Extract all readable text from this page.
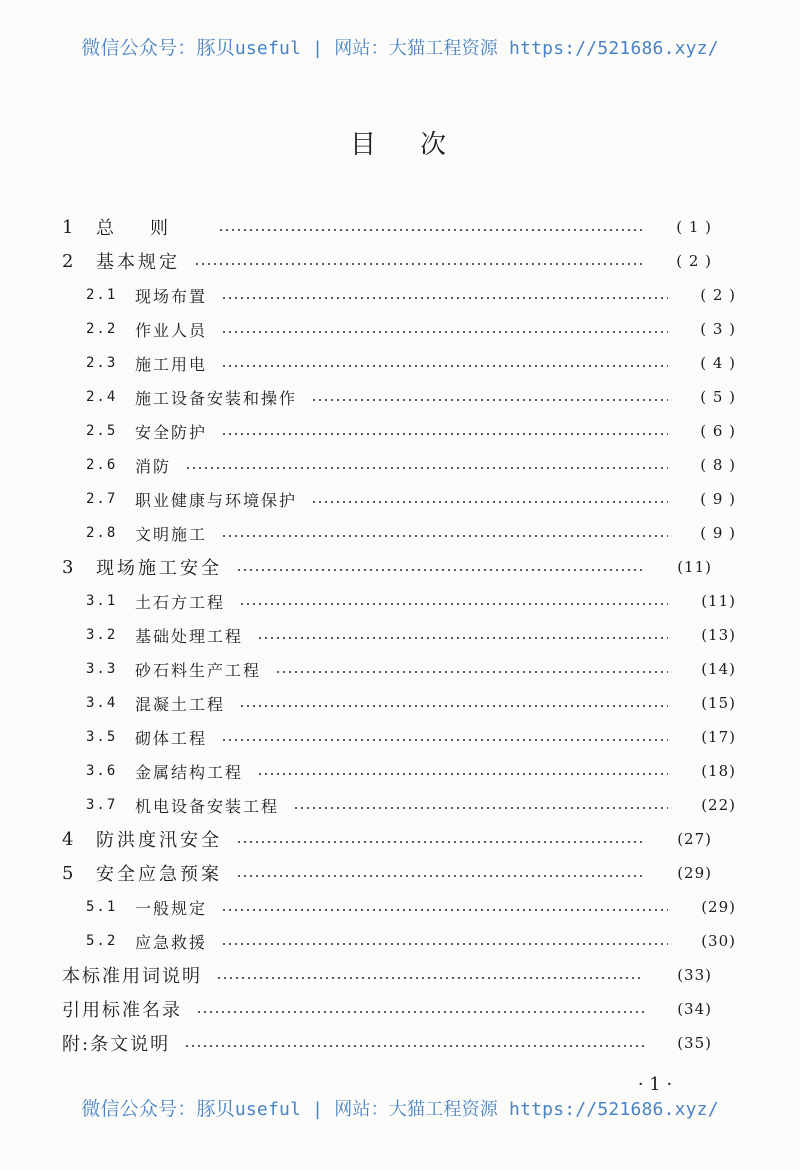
微信公众号：豚贝useful | 网站：大猫工程资源 https://521686.xyz/
目次
1	总则	( 1 )
2	基本规定	( 2 )
2.1	现场布置	( 2 )
2.2	作业人员	( 3 )
2.3	施工用电	( 4 )
2.4	施工设备安装和操作	( 5 )
2.5	安全防护	( 6 )
2.6	消防	( 8 )
2.7	职业健康与环境保护	( 9 )
2.8	文明施工	( 9 )
3	现场施工安全	(11)
3.1	土石方工程	(11)
3.2	基础处理工程	(13)
3.3	砂石料生产工程	(14)
3.4	混凝土工程	(15)
3.5	砌体工程	(17)
3.6	金属结构工程	(18)
3.7	机电设备安装工程	(22)
4	防洪度汛安全	(27)
5	安全应急预案	(29)
5.1	一般规定	(29)
5.2	应急救援	(30)
本标准用词说明	(33)
引用标准名录	(34)
附:条文说明	(35)
· 1 ·
微信公众号：豚贝useful | 网站：大猫工程资源 https://521686.xyz/
